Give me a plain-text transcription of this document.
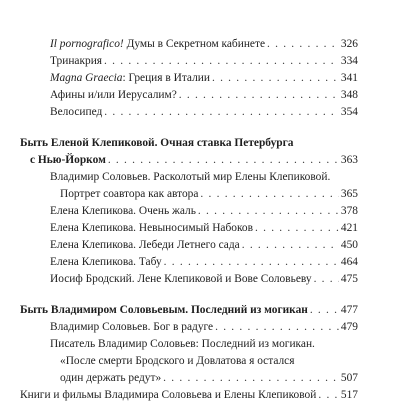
Il pornografico! Думы в Секретном кабинете . . .	326
Тринакрия . . .	334
Magna Graecia: Греция в Италии . . .	341
Афины и/или Иерусалим? . . .	348
Велосипед . . .	354
Быть Еленой Клепиковой. Очная ставка Петербурга
с Нью-Йорком . . .	363
Владимир Соловьев. Расколотый мир Елены Клепиковой.
Портрет соавтора как автора . . .	365
Елена Клепикова. Очень жаль . . .	378
Елена Клепикова. Невыносимый Набоков . . .	421
Елена Клепикова. Лебеди Летнего сада . . .	450
Елена Клепикова. Табу . . .	464
Иосиф Бродский. Лене Клепиковой и Вове Соловьеву . . .	475
Быть Владимиром Соловьевым. Последний из могикан . . .	477
Владимир Соловьев. Бог в радуге . . .	479
Писатель Владимир Соловьев: Последний из могикан.
«После смерти Бродского и Довлатова я остался
один держать редут» . . .	507
Книги и фильмы Владимира Соловьева и Елены Клепиковой . . . 517
